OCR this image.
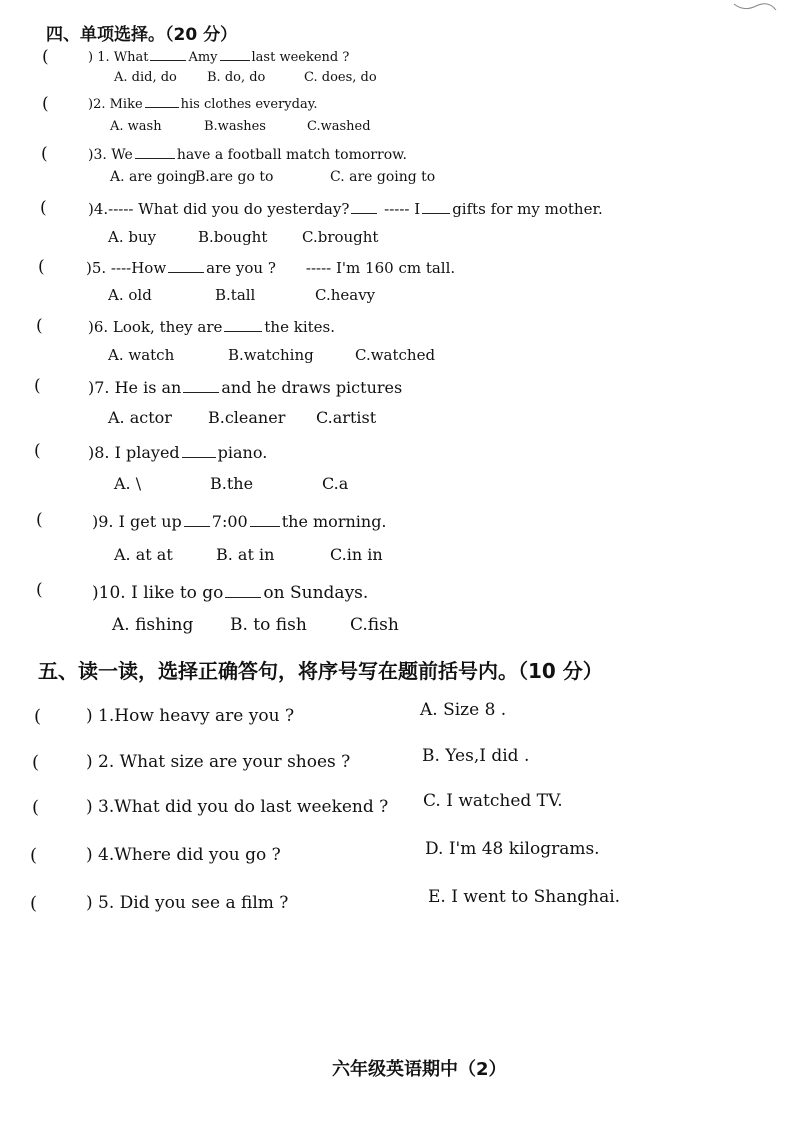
四、单项选择。（20 分）
(	) 1. What	Amy	last weekend ?
A. did, do B. do, do	C. does, do
(	)2. Mike	his clothes everyday.
A. wash	B.washes	C.washed
(	)3. We	have a football match tomorrow.
A. are going
B.are go to	C. are going to
(	)4.----- What did you do yesterday? ----- I gifts for my mother.
A. buy	B.bought C.brought
(	)5. ----How	are you ? ----- I'm 160 cm tall.
A. old	B.tall	C.heavy
(	)6. Look, they are	the kites.
A. watch	B.watching	C.watched
(	)7. He is an	and he draws pictures
A. actor B.cleaner C.artist
(	)8. I played piano.
A. \	B.the	C.a
(	)9. I get up 7:00 the morning.
A. at at	B. at in	C.in in
(	)10. I like to go on Sundays.
A. fishing B. to fish	C.fish
五、读一读，选择正确答句，将序号写在题前括号内。（10 分）
(	) 1.How heavy are you ?	A. Size 8 .
(	) 2. What size are your shoes ?	B. Yes,I did .
(	) 3.What did you do last weekend ? C. I watched TV.
(	) 4.Where did you go ?	D. I'm 48 kilograms.
(	) 5. Did you see a film ?	E. I went to Shanghai.
六年级英语期中（2）
